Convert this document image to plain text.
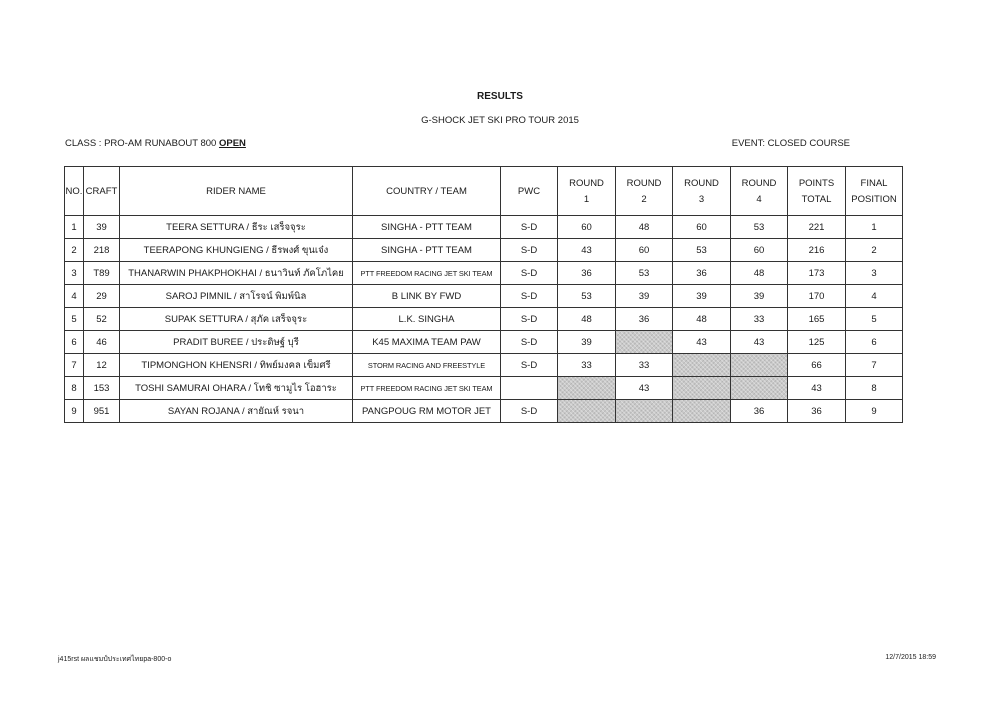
RESULTS
G-SHOCK JET SKI PRO TOUR 2015
CLASS : PRO-AM RUNABOUT 800 OPEN	EVENT: CLOSED COURSE
NO.	CRAFT	RIDER NAME	COUNTRY / TEAM	PWC	ROUND	ROUND	ROUND	ROUND	POINTS	FINAL
					1	2	3	4	TOTAL	POSITION
1	39	TEERA SETTURA / ธีระ เสร็จจุระ	SINGHA - PTT TEAM	S-D	60	48	60	53	221	1
2	218	TEERAPONG KHUNGIENG / ธีรพงศ์ ขุนเจ๋ง	SINGHA - PTT TEAM	S-D	43	60	53	60	216	2
3	T89	THANARWIN PHAKPHOKHAI / ธนาวินท์ ภัคโภไคย	PTT FREEDOM RACING JET SKI TEAM	S-D	36	53	36	48	173	3
4	29	SAROJ PIMNIL / สาโรจน์ พิมพ์นิล	B LINK BY FWD	S-D	53	39	39	39	170	4
5	52	SUPAK SETTURA / สุภัค เสร็จจุระ	L.K. SINGHA	S-D	48	36	48	33	165	5
6	46	PRADIT BUREE / ประดิษฐ์ บุรี	K45 MAXIMA TEAM PAW	S-D	39		43	43	125	6
7	12	TIPMONGHON KHENSRI / ทิพย์มงคล เข็มศรี	STORM RACING AND FREESTYLE	S-D	33	33			66	7
8	153	TOSHI SAMURAI OHARA / โทชิ ซามูไร โอฮาระ	PTT FREEDOM RACING JET SKI TEAM			43			43	8
9	951	SAYAN ROJANA / สายัณห์ รจนา	PANGPOUG RM MOTOR JET	S-D				36	36	9
j415rst ผลแชมป์ประเทศไทยpa-800-o	12/7/2015 18:59
